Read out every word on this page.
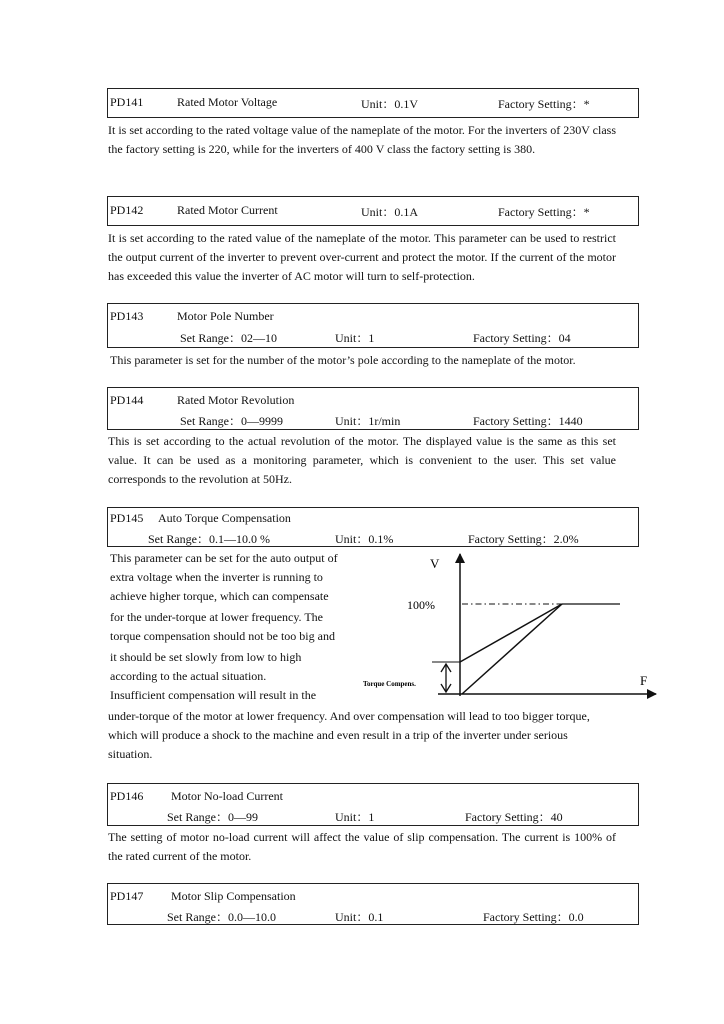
PD141	Rated Motor Voltage	Unit：0.1V	Factory Setting：*
It is set according to the rated voltage value of the nameplate of the motor. For the inverters of 230V class the factory setting is 220, while for the inverters of 400 V class the factory setting is 380.
PD142	Rated Motor Current	Unit：0.1A	Factory Setting：*
It is set according to the rated value of the nameplate of the motor. This parameter can be used to restrict the output current of the inverter to prevent over-current and protect the motor. If the current of the motor has exceeded this value the inverter of AC motor will turn to self-protection.
PD143	Motor Pole Number
Set Range：02—10	Unit：1	Factory Setting：04
This parameter is set for the number of the motor’s pole according to the nameplate of the motor.
PD144	Rated Motor Revolution
Set Range：0—9999	Unit：1r/min	Factory Setting：1440
This is set according to the actual revolution of the motor. The displayed value is the same as this set value. It can be used as a monitoring parameter, which is convenient to the user. This set value corresponds to the revolution at 50Hz.
PD145 Auto Torque Compensation
Set Range：0.1—10.0 %	Unit：0.1%	Factory Setting：2.0%
This parameter can be set for the auto output of
extra voltage when the inverter is running to
achieve higher torque, which can compensate
for the under-torque at lower frequency. The
torque compensation should not be too big and
it should be set slowly from low to high
according to the actual situation.
Insufficient compensation will result in the
V
F
100%
Torque Compens.
under-torque of the motor at lower frequency. And over compensation will lead to too bigger torque, which will produce a shock to the machine and even result in a trip of the inverter under serious situation.
PD146 Motor No-load Current
Set Range：0—99	Unit：1	Factory Setting：40
The setting of motor no-load current will affect the value of slip compensation. The current is 100% of the rated current of the motor.
PD147 Motor Slip Compensation
Set Range：0.0—10.0	Unit：0.1	Factory Setting：0.0
